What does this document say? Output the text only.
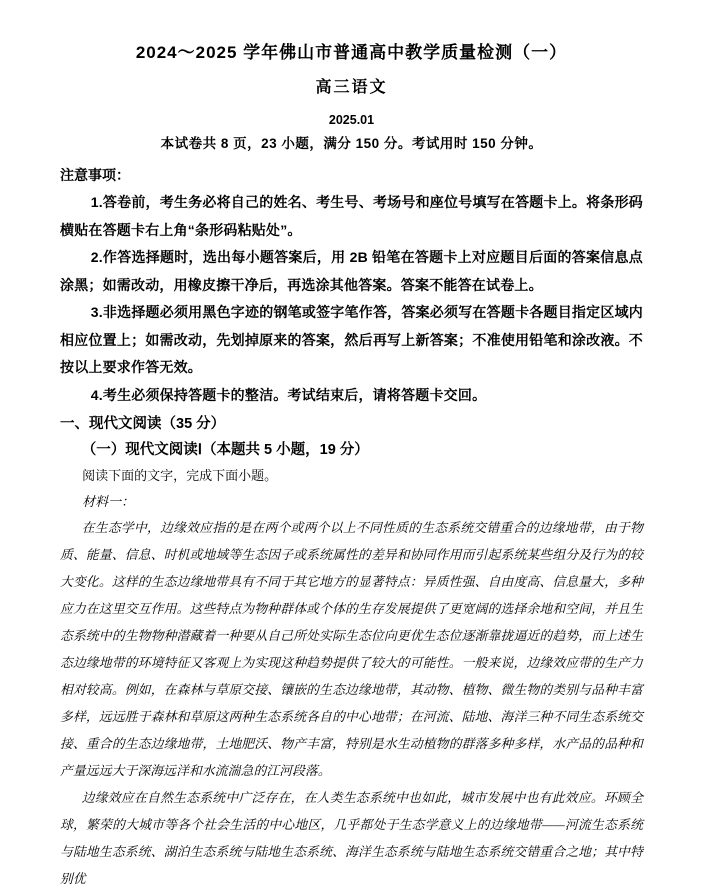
2024～2025 学年佛山市普通高中教学质量检测（一）
高三语文
2025.01
本试卷共 8 页，23 小题，满分 150 分。考试用时 150 分钟。
注意事项：

1.答卷前，考生务必将自己的姓名、考生号、考场号和座位号填写在答题卡上。将条形码横贴在答题卡右上角“条形码粘贴处”。

2.作答选择题时，选出每小题答案后，用 2B 铅笔在答题卡上对应题目后面的答案信息点涂黑；如需改动，用橡皮擦干净后，再选涂其他答案。答案不能答在试卷上。

3.非选择题必须用黑色字迹的钢笔或签字笔作答，答案必须写在答题卡各题目指定区域内相应位置上；如需改动，先划掉原来的答案，然后再写上新答案；不准使用铅笔和涂改液。不按以上要求作答无效。

4.考生必须保持答题卡的整洁。考试结束后，请将答题卡交回。

一、现代文阅读（35 分）
（一）现代文阅读Ⅰ（本题共 5 小题，19 分）
阅读下面的文字，完成下面小题。
材料一：

在生态学中，边缘效应指的是在两个或两个以上不同性质的生态系统交错重合的边缘地带，由于物质、能量、信息、时机或地域等生态因子或系统属性的差异和协同作用而引起系统某些组分及行为的较大变化。这样的生态边缘地带具有不同于其它地方的显著特点：异质性强、自由度高、信息量大，多种应力在这里交互作用。这些特点为物种群体或个体的生存发展提供了更宽阔的选择余地和空间，并且生态系统中的生物物种潜藏着一种要从自己所处实际生态位向更优生态位逐渐靠拢逼近的趋势，而上述生态边缘地带的环境特征又客观上为实现这种趋势提供了较大的可能性。一般来说，边缘效应带的生产力相对较高。例如，在森林与草原交接、镶嵌的生态边缘地带，其动物、植物、微生物的类别与品种丰富多样，远远胜于森林和草原这两种生态系统各自的中心地带；在河流、陆地、海洋三种不同生态系统交接、重合的生态边缘地带，土地肥沃、物产丰富，特别是水生动植物的群落多种多样，水产品的品种和产量远远大于深海远洋和水流湍急的江河段落。

边缘效应在自然生态系统中广泛存在，在人类生态系统中也如此，城市发展中也有此效应。环顾全球，繁荣的大城市等各个社会生活的中心地区，几乎都处于生态学意义上的边缘地带——河流生态系统与陆地生态系统、湖泊生态系统与陆地生态系统、海洋生态系统与陆地生态系统交错重合之地；其中特别优
